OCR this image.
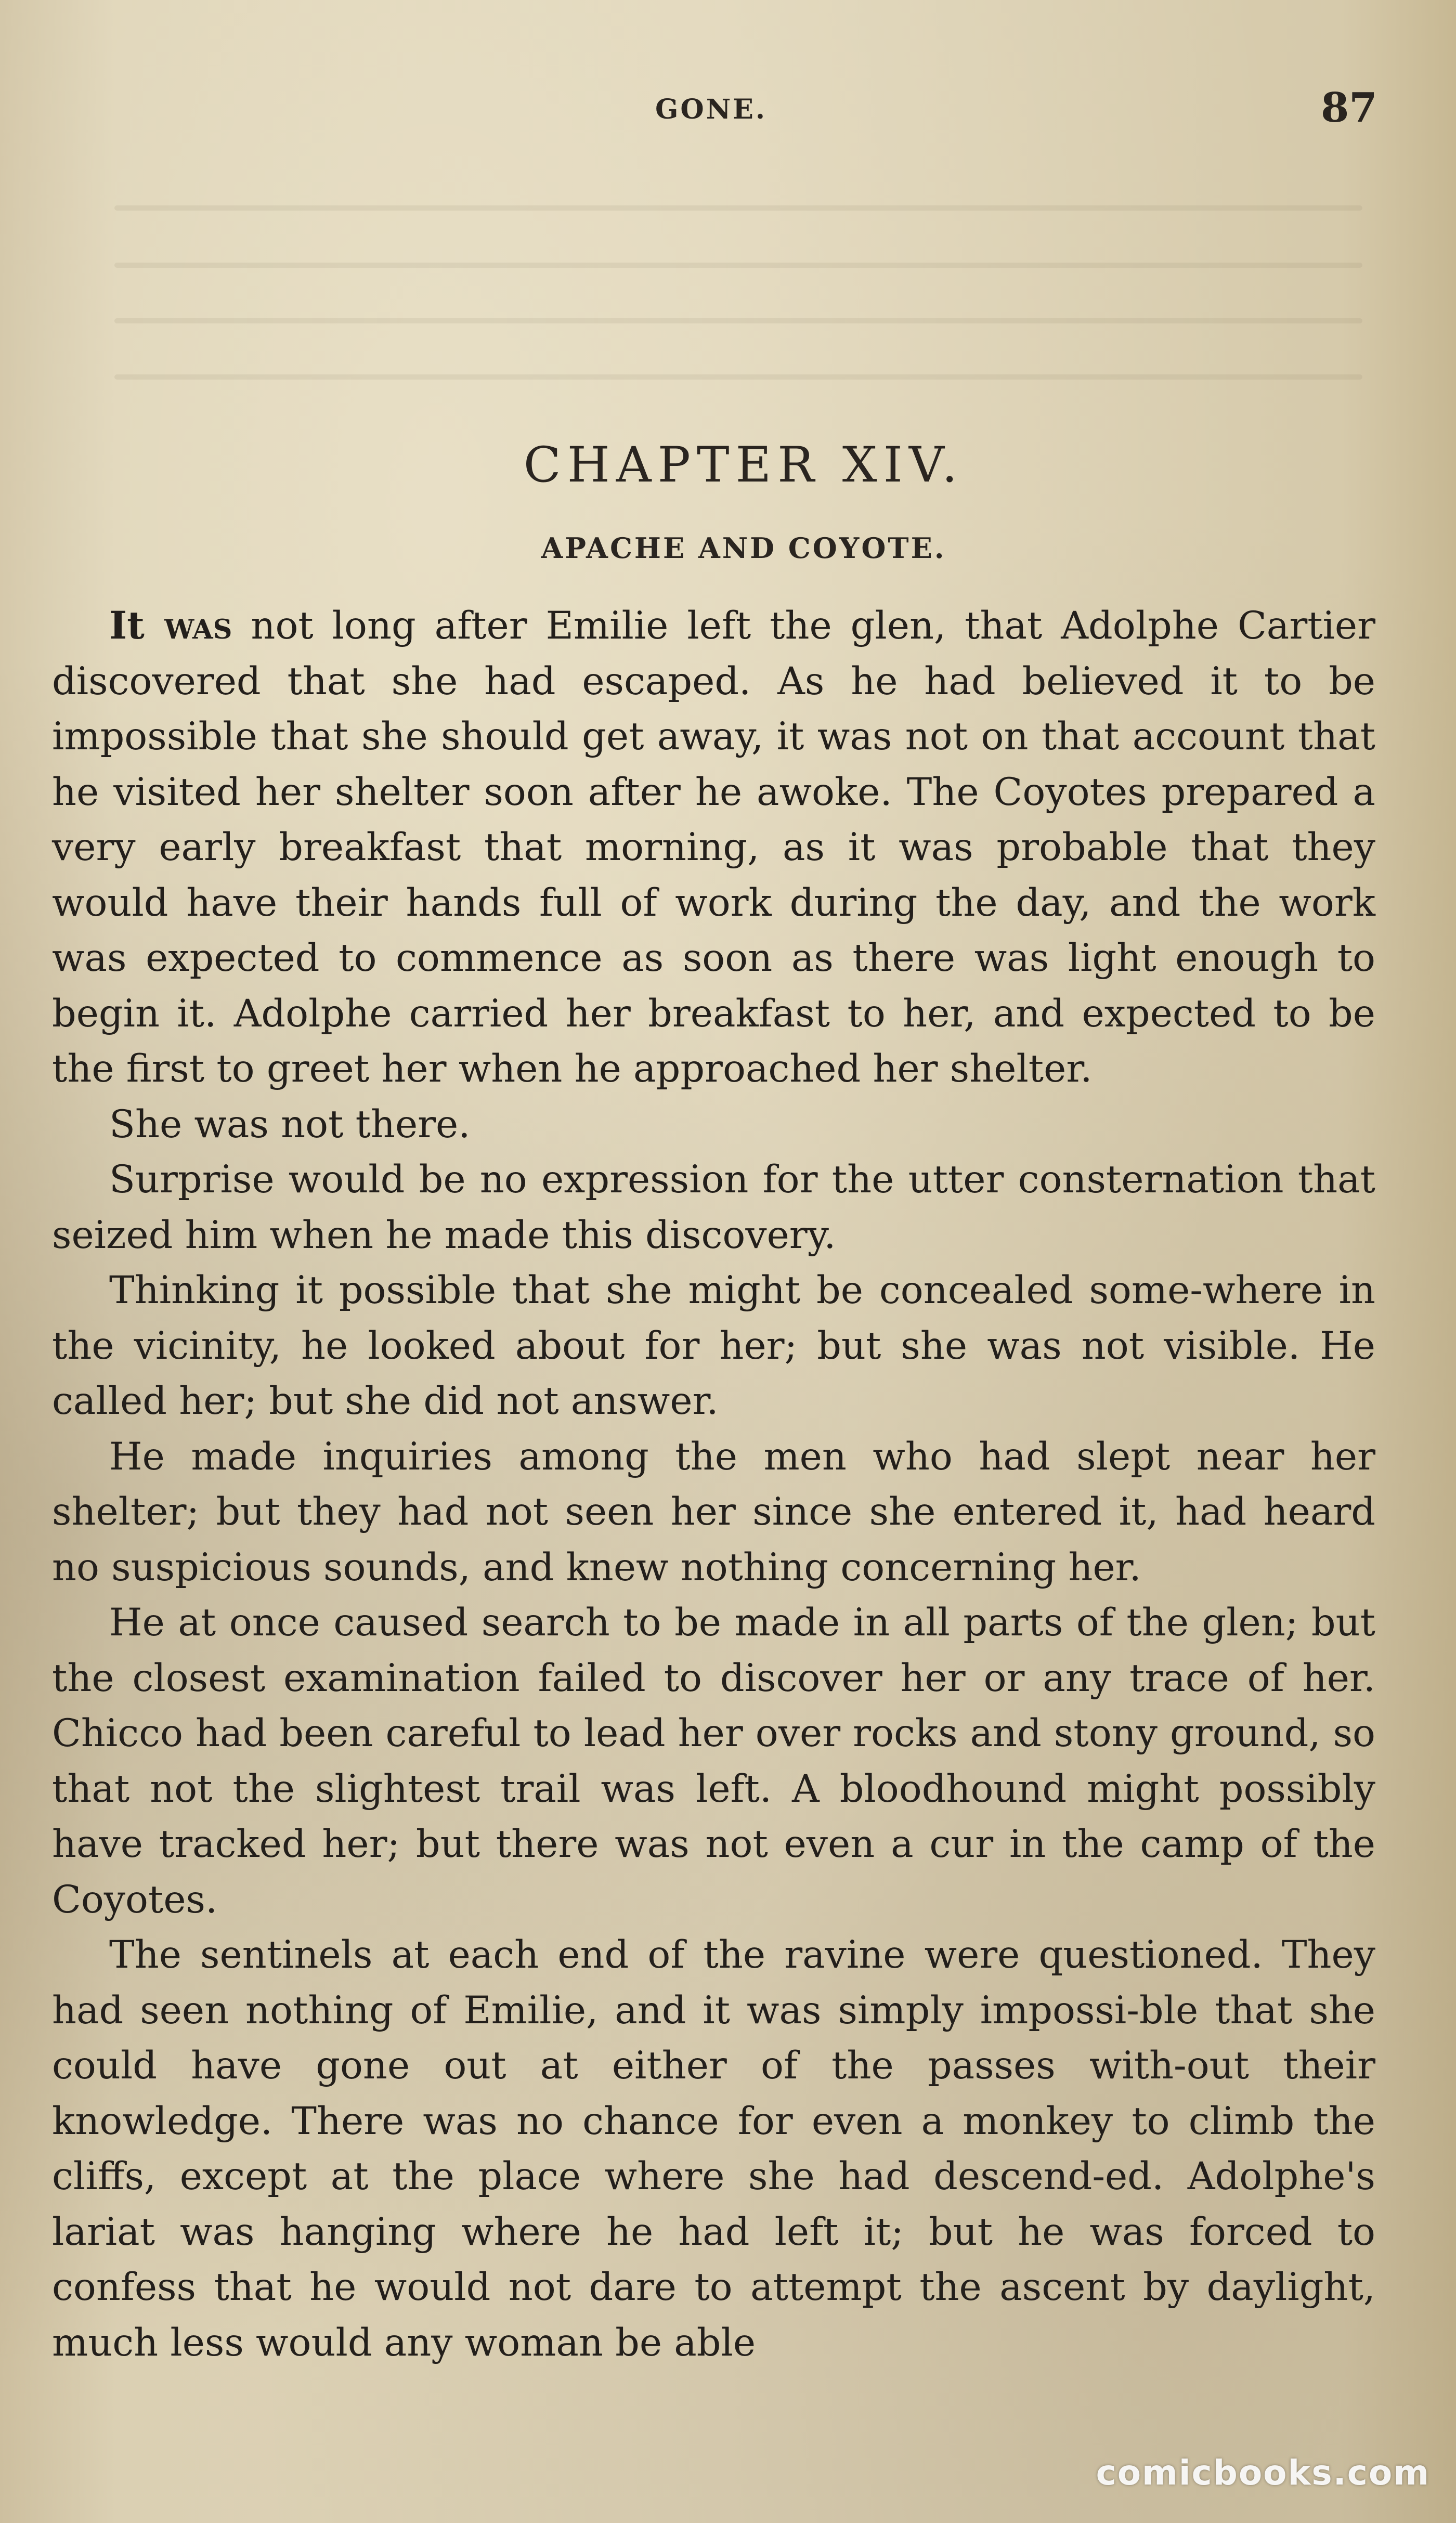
GONE.	87
CHAPTER XIV.
APACHE AND COYOTE.

It was not long after Emilie left the glen, that Adolphe Cartier discovered that she had escaped. As he had believed it to be impossible that she should get away, it was not on that account that he visited her shelter soon after he awoke. The Coyotes prepared a very early breakfast that morning, as it was probable that they would have their hands full of work during the day, and the work was expected to commence as soon as there was light enough to begin it. Adolphe carried her breakfast to her, and expected to be the first to greet her when he approached her shelter.

She was not there.

Surprise would be no expression for the utter consternation that seized him when he made this discovery.

Thinking it possible that she might be concealed some-where in the vicinity, he looked about for her; but she was not visible. He called her; but she did not answer.

He made inquiries among the men who had slept near her shelter; but they had not seen her since she entered it, had heard no suspicious sounds, and knew nothing concerning her.

He at once caused search to be made in all parts of the glen; but the closest examination failed to discover her or any trace of her. Chicco had been careful to lead her over rocks and stony ground, so that not the slightest trail was left. A bloodhound might possibly have tracked her; but there was not even a cur in the camp of the Coyotes.

The sentinels at each end of the ravine were questioned. They had seen nothing of Emilie, and it was simply impossi-ble that she could have gone out at either of the passes with-out their knowledge. There was no chance for even a monkey to climb the cliffs, except at the place where she had descend-ed. Adolphe's lariat was hanging where he had left it; but he was forced to confess that he would not dare to attempt the ascent by daylight, much less would any woman be able

comicbooks.com
